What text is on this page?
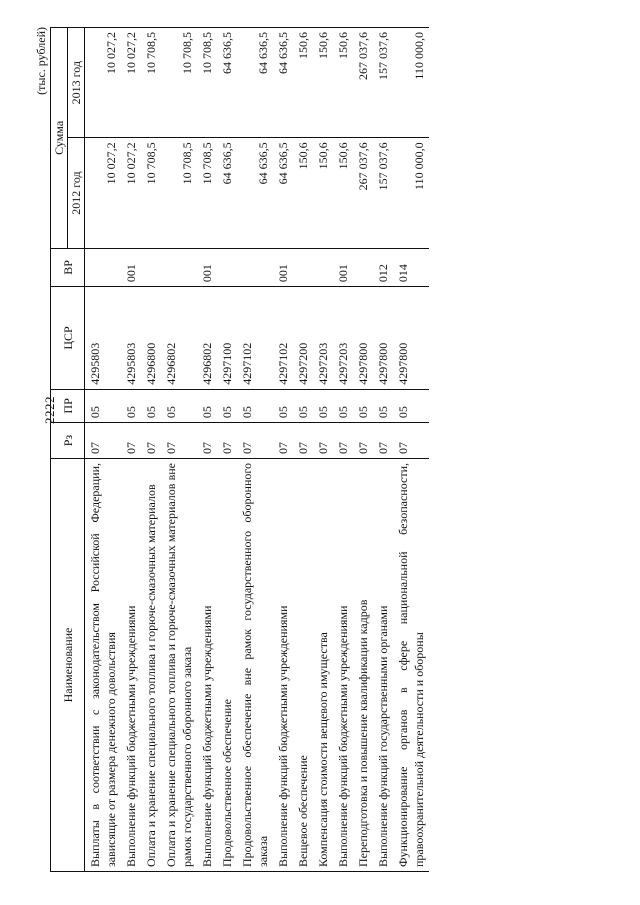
2222
(тыс. рублей)
Наименование	Рз	ПР	ЦСР	ВР	Сумма	
					2012 год	2013 год
Выплаты в соответствии с законодательством Российской Федерации, зависящие от размера денежного довольствия	07	05	4295803		10 027,2	10 027,2
Выполнение функций бюджетными учреждениями	07	05	4295803	001	10 027,2	10 027,2
Оплата и хранение специального топлива и горюче-смазочных материалов	07	05	4296800		10 708,5	10 708,5
Оплата и хранение специального топлива и горюче-смазочных материалов вне рамок государственного оборонного заказа	07	05	4296802		10 708,5	10 708,5
Выполнение функций бюджетными учреждениями	07	05	4296802	001	10 708,5	10 708,5
Продовольственное обеспечение	07	05	4297100		64 636,5	64 636,5
Продовольственное обеспечение вне рамок государственного оборонного заказа	07	05	4297102		64 636,5	64 636,5
Выполнение функций бюджетными учреждениями	07	05	4297102	001	64 636,5	64 636,5
Вещевое обеспечение	07	05	4297200		150,6	150,6
Компенсация стоимости вещевого имущества	07	05	4297203		150,6	150,6
Выполнение функций бюджетными учреждениями	07	05	4297203	001	150,6	150,6
Переподготовка и повышение квалификации кадров	07	05	4297800		267 037,6	267 037,6
Выполнение функций государственными органами	07	05	4297800	012	157 037,6	157 037,6
Функционирование органов в сфере национальной безопасности, правоохранительной деятельности и обороны	07	05	4297800	014	110 000,0	110 000,0
